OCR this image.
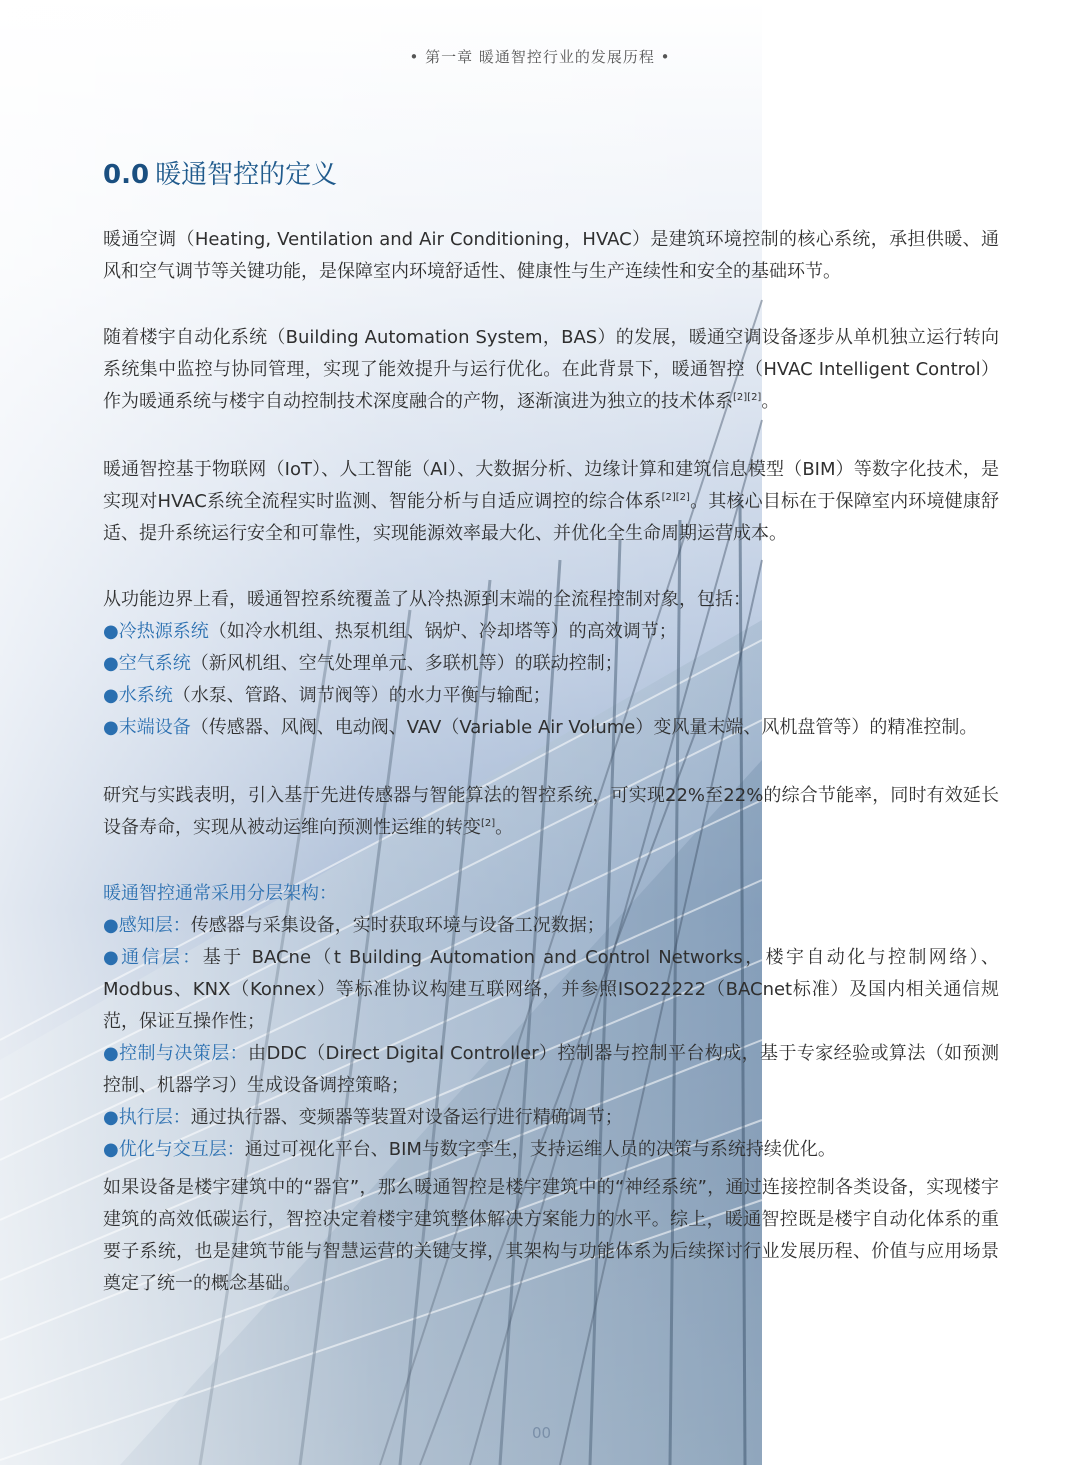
• 第一章 暖通智控行业的发展历程 •
0.0 暖通智控的定义
暖通空调（Heating, Ventilation and Air Conditioning，HVAC）是建筑环境控制的核心系统，承担供暖、通风和空气调节等关键功能，是保障室内环境舒适性、健康性与生产连续性和安全的基础环节。
随着楼宇自动化系统（Building Automation System，BAS）的发展，暖通空调设备逐步从单机独立运行转向系统集中监控与协同管理，实现了能效提升与运行优化。在此背景下，暖通智控（HVAC Intelligent Control）作为暖通系统与楼宇自动控制技术深度融合的产物，逐渐演进为独立的技术体系[2][2]。
暖通智控基于物联网（IoT）、人工智能（AI）、大数据分析、边缘计算和建筑信息模型（BIM）等数字化技术，是实现对HVAC系统全流程实时监测、智能分析与自适应调控的综合体系[2][2]。其核心目标在于保障室内环境健康舒适、提升系统运行安全和可靠性，实现能源效率最大化、并优化全生命周期运营成本。
从功能边界上看，暖通智控系统覆盖了从冷热源到末端的全流程控制对象，包括：
●冷热源系统（如冷水机组、热泵机组、锅炉、冷却塔等）的高效调节；
●空气系统（新风机组、空气处理单元、多联机等）的联动控制；
●水系统（水泵、管路、调节阀等）的水力平衡与输配；
●末端设备（传感器、风阀、电动阀、VAV（Variable Air Volume）变风量末端、风机盘管等）的精准控制。
研究与实践表明，引入基于先进传感器与智能算法的智控系统，可实现22%至22%的综合节能率，同时有效延长设备寿命，实现从被动运维向预测性运维的转变[2]。
暖通智控通常采用分层架构：
●感知层：传感器与采集设备，实时获取环境与设备工况数据；
●通信层：基于 BACne（t Building Automation and Control Networks，楼宇自动化与控制网络）、Modbus、KNX（Konnex）等标准协议构建互联网络，并参照ISO22222（BACnet标准）及国内相关通信规范，保证互操作性；
●控制与决策层：由DDC（Direct Digital Controller）控制器与控制平台构成，基于专家经验或算法（如预测控制、机器学习）生成设备调控策略；
●执行层：通过执行器、变频器等装置对设备运行进行精确调节；
●优化与交互层：通过可视化平台、BIM与数字孪生，支持运维人员的决策与系统持续优化。
如果设备是楼宇建筑中的“器官”，那么暖通智控是楼宇建筑中的“神经系统”，通过连接控制各类设备，实现楼宇建筑的高效低碳运行，智控决定着楼宇建筑整体解决方案能力的水平。综上，暖通智控既是楼宇自动化体系的重要子系统，也是建筑节能与智慧运营的关键支撑，其架构与功能体系为后续探讨行业发展历程、价值与应用场景奠定了统一的概念基础。
00
